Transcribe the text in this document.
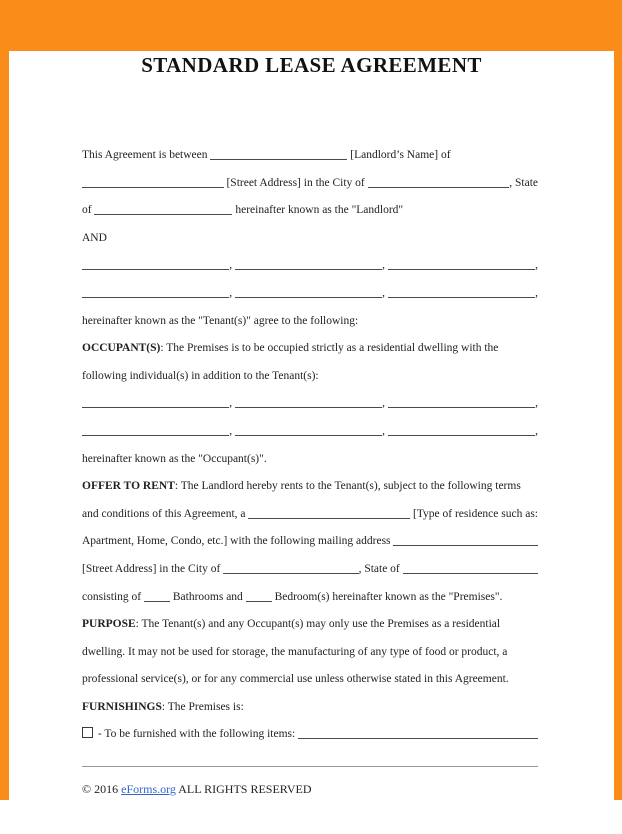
STANDARD LEASE AGREEMENT

This Agreement is between	[Landlord’s Name] of

[Street Address] in the City of	, State

of	hereinafter known as the "Landlord"

AND

,	,	,

,	,	,

hereinafter known as the "Tenant(s)" agree to the following:

OCCUPANT(S): The Premises is to be occupied strictly as a residential dwelling with the

following individual(s) in addition to the Tenant(s):

,	,	,

,	,	,

hereinafter known as the "Occupant(s)".

OFFER TO RENT: The Landlord hereby rents to the Tenant(s), subject to the following terms

and conditions of this Agreement, a	[Type of residence such as:

Apartment, Home, Condo, etc.] with the following mailing address

[Street Address] in the City of	, State of

consisting of  Bathrooms and  Bedroom(s) hereinafter known as the "Premises".

PURPOSE: The Tenant(s) and any Occupant(s) may only use the Premises as a residential

dwelling. It may not be used for storage, the manufacturing of any type of food or product, a

professional service(s), or for any commercial use unless otherwise stated in this Agreement.

FURNISHINGS: The Premises is:

- To be furnished with the following items:

© 2016 eForms.org ALL RIGHTS RESERVED
